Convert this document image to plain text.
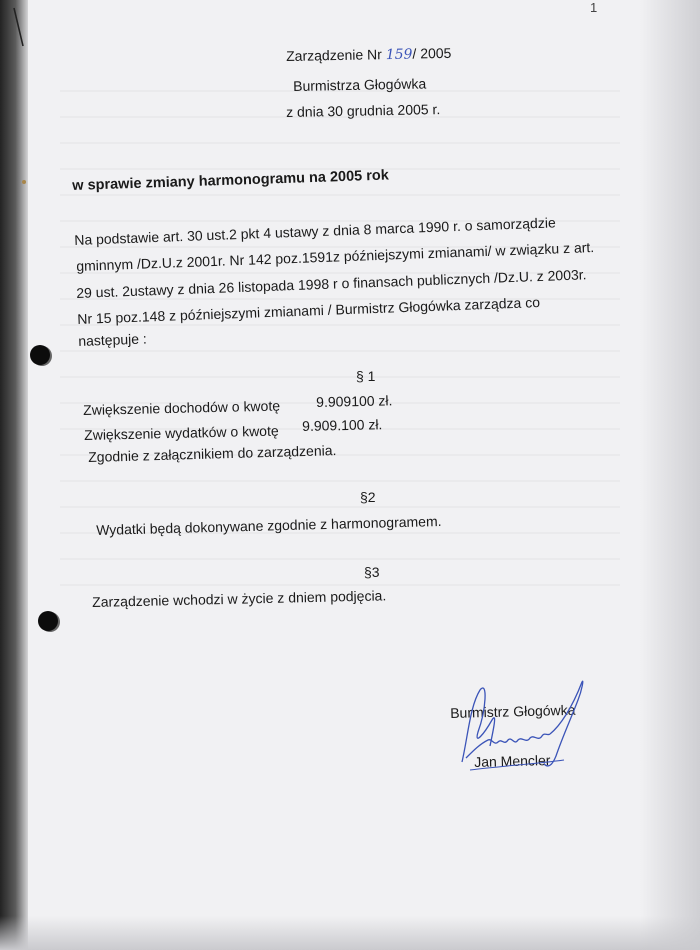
1
Zarządzenie Nr 159/ 2005
Burmistrza Głogówka
z dnia 30 grudnia 2005 r.
w sprawie zmiany harmonogramu na 2005 rok
Na podstawie art. 30 ust.2 pkt 4 ustawy z dnia 8 marca 1990 r. o samorządzie
gminnym /Dz.U.z 2001r. Nr 142 poz.1591z późniejszymi zmianami/ w związku z art.
29 ust. 2ustawy z dnia 26 listopada 1998 r o finansach publicznych /Dz.U. z 2003r.
Nr 15 poz.148 z późniejszymi zmianami / Burmistrz Głogówka zarządza co
następuje :
§ 1
Zwiększenie dochodów o kwotę	9.909100 zł.
Zwiększenie wydatków o kwotę 9.909.100 zł.
Zgodnie z załącznikiem do zarządzenia.
§2
Wydatki będą dokonywane zgodnie z harmonogramem.
§3
Zarządzenie wchodzi w życie z dniem podjęcia.
Burmistrz Głogówka
Jan Mencler
